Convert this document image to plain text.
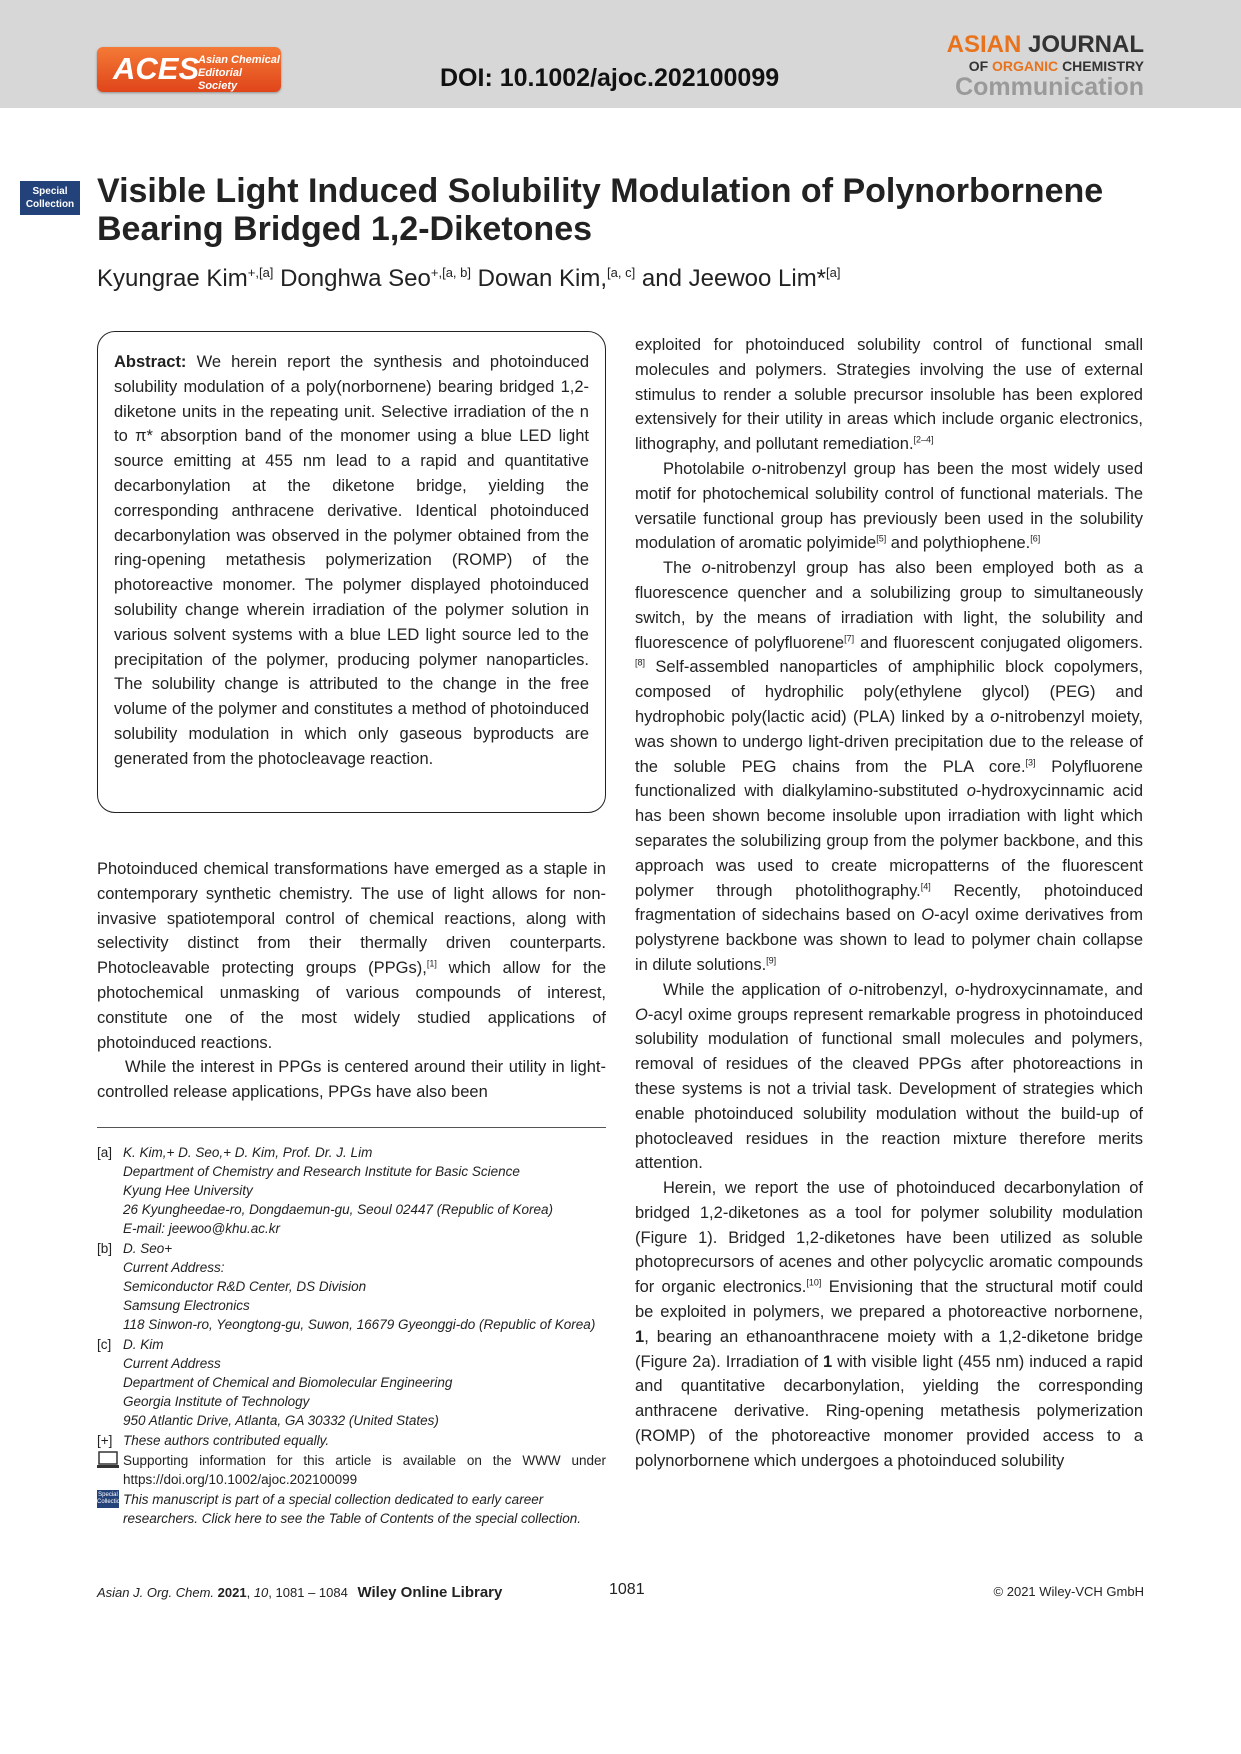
ACES
Asian Chemical
Editorial Society	DOI: 10.1002/ajoc.202100099
ASIAN JOURNAL
OF ORGANIC CHEMISTRY
Communication
Special
Collection Visible Light Induced Solubility Modulation of Polynorbornene Bearing Bridged 1,2-Diketones
Kyungrae Kim$^{+,[a]}$ Donghwa Seo$^{+,[a, b]}$ Dowan Kim,[a, c] and Jeewoo Lim*[a]

Abstract: We herein report the synthesis and photoinduced solubility modulation of a poly(norbornene) bearing bridged 1,2-diketone units in the repeating unit. Selective irradiation of the n to π* absorption band of the monomer using a blue LED light source emitting at 455 nm lead to a rapid and quantitative decarbonylation at the diketone bridge, yielding the corresponding anthracene derivative. Identical photoinduced decarbonylation was observed in the polymer obtained from the ring-opening metathesis polymerization (ROMP) of the photoreactive monomer. The polymer displayed photoinduced solubility change wherein irradiation of the polymer solution in various solvent systems with a blue LED light source led to the precipitation of the polymer, producing polymer nanoparticles. The solubility change is attributed to the change in the free volume of the polymer and constitutes a method of photoinduced solubility modulation in which only gaseous byproducts are generated from the photocleavage reaction.

Photoinduced chemical transformations have emerged as a staple in contemporary synthetic chemistry. The use of light allows for non-invasive spatiotemporal control of chemical reactions, along with selectivity distinct from their thermally driven counterparts. Photocleavable protecting groups (PPGs),[1] which allow for the photochemical unmasking of various compounds of interest, constitute one of the most widely studied applications of photoinduced reactions.

While the interest in PPGs is centered around their utility in light-controlled release applications, PPGs have also been

exploited for photoinduced solubility control of functional small molecules and polymers. Strategies involving the use of external stimulus to render a soluble precursor insoluble has been explored extensively for their utility in areas which include organic electronics, lithography, and pollutant remediation.[2–4]

Photolabile o-nitrobenzyl group has been the most widely used motif for photochemical solubility control of functional materials. The versatile functional group has previously been used in the solubility modulation of aromatic polyimide[5] and polythiophene.[6]

The o-nitrobenzyl group has also been employed both as a fluorescence quencher and a solubilizing group to simultaneously switch, by the means of irradiation with light, the solubility and fluorescence of polyfluorene[7] and fluorescent conjugated oligomers.[8] Self-assembled nanoparticles of amphiphilic block copolymers, composed of hydrophilic poly(ethylene glycol) (PEG) and hydrophobic poly(lactic acid) (PLA) linked by a o-nitrobenzyl moiety, was shown to undergo light-driven precipitation due to the release of the soluble PEG chains from the PLA core.[3] Polyfluorene functionalized with dialkylamino-substituted o-hydroxycinnamic acid has been shown become insoluble upon irradiation with light which separates the solubilizing group from the polymer backbone, and this approach was used to create micropatterns of the fluorescent polymer through photolithography.[4] Recently, photoinduced fragmentation of sidechains based on O-acyl oxime derivatives from polystyrene backbone was shown to lead to polymer chain collapse in dilute solutions.[9]

While the application of o-nitrobenzyl, o-hydroxycinnamate, and O-acyl oxime groups represent remarkable progress in photoinduced solubility modulation of functional small molecules and polymers, removal of residues of the cleaved PPGs after photoreactions in these systems is not a trivial task. Development of strategies which enable photoinduced solubility modulation without the build-up of photocleaved residues in the reaction mixture therefore merits attention.

Herein, we report the use of photoinduced decarbonylation of bridged 1,2-diketones as a tool for polymer solubility modulation (Figure 1). Bridged 1,2-diketones have been utilized as soluble photoprecursors of acenes and other polycyclic aromatic compounds for organic electronics.[10] Envisioning that the structural motif could be exploited in polymers, we prepared a photoreactive norbornene, 1, bearing an ethanoanthracene moiety with a 1,2-diketone bridge (Figure 2a). Irradiation of 1 with visible light (455 nm) induced a rapid and quantitative decarbonylation, yielding the corresponding anthracene derivative. Ring-opening metathesis polymerization (ROMP) of the photoreactive monomer provided access to a polynorbornene which undergoes a photoinduced solubility

[a] K. Kim,+ D. Seo,+ D. Kim, Prof. Dr. J. Lim
Department of Chemistry and Research Institute for Basic Science
Kyung Hee University
26 Kyungheedae-ro, Dongdaemun-gu, Seoul 02447 (Republic of Korea)
E-mail: jeewoo@khu.ac.kr
[b] D. Seo+
Current Address:
Semiconductor R&D Center, DS Division
Samsung Electronics
118 Sinwon-ro, Yeongtong-gu, Suwon, 16679 Gyeonggi-do (Republic of Korea)
[c] D. Kim
Current Address
Department of Chemical and Biomolecular Engineering
Georgia Institute of Technology
950 Atlantic Drive, Atlanta, GA 30332 (United States)
[+] These authors contributed equally.
Supporting information for this article is available on the WWW under https://doi.org/10.1002/ajoc.202100099
Special
Collection This manuscript is part of a special collection dedicated to early career researchers. Click here to see the Table of Contents of the special collection.
Asian J. Org. Chem. 2021, 10, 1081 – 1084 Wiley Online Library	1081	© 2021 Wiley-VCH GmbH
